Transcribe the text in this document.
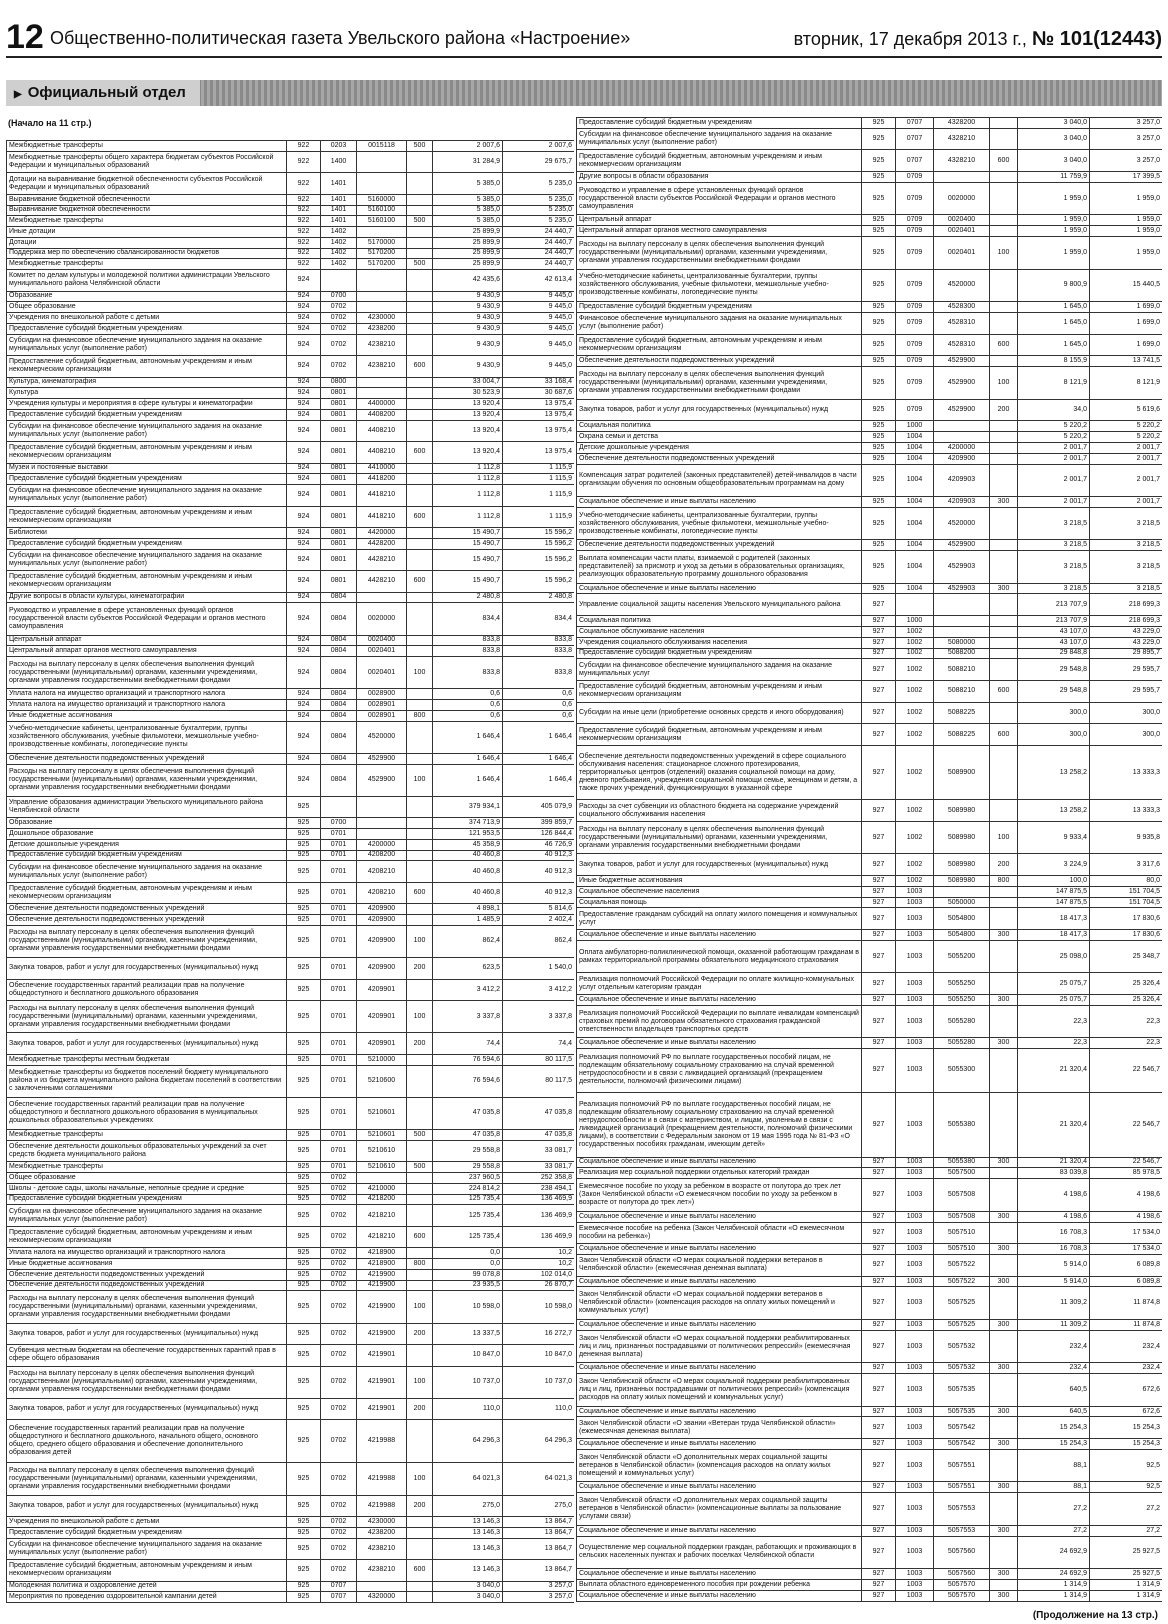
12 Общественно-политическая газета Увельского района «Настроение»	вторник, 17 декабря 2013 г., № 101(12443)
▶ Официальный отдел
(Начало на 11 стр.)
Межбюджетные трансферты	922	0203	0015118	500	2 007,6	2 007,6
Межбюджетные трансферты общего характера бюджетам субъектов Российской Федерации и муниципальных образований	922	1400			31 284,9	29 675,7
Дотации на выравнивание бюджетной обеспеченности субъектов Российской Федерации и муниципальных образований	922	1401			5 385,0	5 235,0
Выравнивание бюджетной обеспеченности	922	1401	5160000		5 385,0	5 235,0
Выравнивание бюджетной обеспеченности	922	1401	5160100		5 385,0	5 235,0
Межбюджетные трансферты	922	1401	5160100	500	5 385,0	5 235,0
Иные дотации	922	1402			25 899,9	24 440,7
Дотации	922	1402	5170000		25 899,9	24 440,7
Поддержка мер по обеспечению сбалансированности бюджетов	922	1402	5170200		25 899,9	24 440,7
Межбюджетные трансферты	922	1402	5170200	500	25 899,9	24 440,7
Комитет по делам культуры и молодежной политики администрации Увельского муниципального района Челябинской области	924				42 435,6	42 613,4
Образование	924	0700			9 430,9	9 445,0
Общее образование	924	0702			9 430,9	9 445,0
Учреждения по внешкольной работе с детьми	924	0702	4230000		9 430,9	9 445,0
Предоставление субсидий бюджетным учреждениям	924	0702	4238200		9 430,9	9 445,0
Субсидии на финансовое обеспечение муниципального задания на оказание муниципальных услуг (выполнение работ)	924	0702	4238210		9 430,9	9 445,0
Предоставление субсидий бюджетным, автономным учреждениям и иным некоммерческим организациям	924	0702	4238210	600	9 430,9	9 445,0
Культура, кинематография	924	0800			33 004,7	33 168,4
Культура	924	0801			30 523,9	30 687,6
Учреждения культуры и мероприятия в сфере культуры и кинематографии	924	0801	4400000		13 920,4	13 975,4
Предоставление субсидий бюджетным учреждениям	924	0801	4408200		13 920,4	13 975,4
Субсидии на финансовое обеспечение муниципального задания на оказание муниципальных услуг (выполнение работ)	924	0801	4408210		13 920,4	13 975,4
Предоставление субсидий бюджетным, автономным учреждениям и иным некоммерческим организациям	924	0801	4408210	600	13 920,4	13 975,4
Музеи и постоянные выставки	924	0801	4410000		1 112,8	1 115,9
Предоставление субсидий бюджетным учреждениям	924	0801	4418200		1 112,8	1 115,9
Субсидии на финансовое обеспечение муниципального задания на оказание муниципальных услуг (выполнение работ)	924	0801	4418210		1 112,8	1 115,9
Предоставление субсидий бюджетным, автономным учреждениям и иным некоммерческим организациям	924	0801	4418210	600	1 112,8	1 115,9
Библиотеки	924	0801	4420000		15 490,7	15 596,2
Предоставление субсидий бюджетным учреждениям	924	0801	4428200		15 490,7	15 596,2
Субсидии на финансовое обеспечение муниципального задания на оказание муниципальных услуг (выполнение работ)	924	0801	4428210		15 490,7	15 596,2
Предоставление субсидий бюджетным, автономным учреждениям и иным некоммерческим организациям	924	0801	4428210	600	15 490,7	15 596,2
Другие вопросы в области культуры, кинематографии	924	0804			2 480,8	2 480,8
Руководство и управление в сфере установленных функций органов государственной власти субъектов Российской Федерации и органов местного самоуправления	924	0804	0020000		834,4	834,4
Центральный аппарат	924	0804	0020400		833,8	833,8
Центральный аппарат органов местного самоуправления	924	0804	0020401		833,8	833,8
Расходы на выплату персоналу в целях обеспечения выполнения функций государственными (муниципальными) органами, казенными учреждениями, органами управления государственными внебюджетными фондами	924	0804	0020401	100	833,8	833,8
Уплата налога на имущество организаций и транспортного налога	924	0804	0028900		0,6	0,6
Уплата налога на имущество организаций и транспортного налога	924	0804	0028901		0,6	0,6
Иные бюджетные ассигнования	924	0804	0028901	800	0,6	0,6
Учебно-методические кабинеты, централизованные бухгалтерии, группы хозяйственного обслуживания, учебные фильмотеки, межшкольные учебно-производственные комбинаты, логопедические пункты	924	0804	4520000		1 646,4	1 646,4
Обеспечение деятельности подведомственных учреждений	924	0804	4529900		1 646,4	1 646,4
Расходы на выплату персоналу в целях обеспечения выполнения функций государственными (муниципальными) органами, казенными учреждениями, органами управления государственными внебюджетными фондами	924	0804	4529900	100	1 646,4	1 646,4
Управление образования администрации Увельского муниципального района Челябинской области	925				379 934,1	405 079,9
Образование	925	0700			374 713,9	399 859,7
Дошкольное образование	925	0701			121 953,5	126 844,4
Детские дошкольные учреждения	925	0701	4200000		45 358,9	46 726,9
Предоставление субсидий бюджетным учреждениям	925	0701	4208200		40 460,8	40 912,3
Субсидии на финансовое обеспечение муниципального задания на оказание муниципальных услуг (выполнение работ)	925	0701	4208210		40 460,8	40 912,3
Предоставление субсидий бюджетным, автономным учреждениям и иным некоммерческим организациям	925	0701	4208210	600	40 460,8	40 912,3
Обеспечение деятельности подведомственных учреждений	925	0701	4209900		4 898,1	5 814,6
Обеспечение деятельности подведомственных учреждений	925	0701	4209900		1 485,9	2 402,4
Расходы на выплату персоналу в целях обеспечения выполнения функций государственными (муниципальными) органами, казенными учреждениями, органами управления государственными внебюджетными фондами	925	0701	4209900	100	862,4	862,4
Закупка товаров, работ и услуг для государственных (муниципальных) нужд	925	0701	4209900	200	623,5	1 540,0
Обеспечение государственных гарантий реализации прав на получение общедоступного и бесплатного дошкольного образования	925	0701	4209901		3 412,2	3 412,2
Расходы на выплату персоналу в целях обеспечения выполнения функций государственными (муниципальными) органами, казенными учреждениями, органами управления государственными внебюджетными фондами	925	0701	4209901	100	3 337,8	3 337,8
Закупка товаров, работ и услуг для государственных (муниципальных) нужд	925	0701	4209901	200	74,4	74,4
Межбюджетные трансферты местным бюджетам	925	0701	5210000		76 594,6	80 117,5
Межбюджетные трансферты из бюджетов поселений бюджету муниципального района и из бюджета муниципального района бюджетам поселений в соответствии с заключенными соглашениями	925	0701	5210600		76 594,6	80 117,5
Обеспечение государственных гарантий реализации прав на получение общедоступного и бесплатного дошкольного образования в муниципальных дошкольных образовательных учреждениях	925	0701	5210601		47 035,8	47 035,8
Межбюджетные трансферты	925	0701	5210601	500	47 035,8	47 035,8
Обеспечение деятельности дошкольных образовательных учреждений за счет средств бюджета муниципального района	925	0701	5210610		29 558,8	33 081,7
Межбюджетные трансферты	925	0701	5210610	500	29 558,8	33 081,7
Общее образование	925	0702			237 960,5	252 358,8
Школы - детские сады, школы начальные, неполные средние и средние	925	0702	4210000		224 814,2	238 494,1
Предоставление субсидий бюджетным учреждениям	925	0702	4218200		125 735,4	136 469,9
Субсидии на финансовое обеспечение муниципального задания на оказание муниципальных услуг (выполнение работ)	925	0702	4218210		125 735,4	136 469,9
Предоставление субсидий бюджетным, автономным учреждениям и иным некоммерческим организациям	925	0702	4218210	600	125 735,4	136 469,9
Уплата налога на имущество организаций и транспортного налога	925	0702	4218900		0,0	10,2
Иные бюджетные ассигнования	925	0702	4218900	800	0,0	10,2
Обеспечение деятельности подведомственных учреждений	925	0702	4219900		99 078,8	102 014,0
Обеспечение деятельности подведомственных учреждений	925	0702	4219900		23 935,5	26 870,7
Расходы на выплату персоналу в целях обеспечения выполнения функций государственными (муниципальными) органами, казенными учреждениями, органами управления государственными внебюджетными фондами	925	0702	4219900	100	10 598,0	10 598,0
Закупка товаров, работ и услуг для государственных (муниципальных) нужд	925	0702	4219900	200	13 337,5	16 272,7
Субвенция местным бюджетам на обеспечение государственных гарантий прав в сфере общего образования	925	0702	4219901		10 847,0	10 847,0
Расходы на выплату персоналу в целях обеспечения выполнения функций государственными (муниципальными) органами, казенными учреждениями, органами управления государственными внебюджетными фондами	925	0702	4219901	100	10 737,0	10 737,0
Закупка товаров, работ и услуг для государственных (муниципальных) нужд	925	0702	4219901	200	110,0	110,0
Обеспечение государственных гарантий реализации прав на получение общедоступного и бесплатного дошкольного, начального общего, основного общего, среднего общего образования и обеспечение дополнительного образования детей	925	0702	4219988		64 296,3	64 296,3
Расходы на выплату персоналу в целях обеспечения выполнения функций государственными (муниципальными) органами, казенными учреждениями, органами управления государственными внебюджетными фондами	925	0702	4219988	100	64 021,3	64 021,3
Закупка товаров, работ и услуг для государственных (муниципальных) нужд	925	0702	4219988	200	275,0	275,0
Учреждения по внешкольной работе с детьми	925	0702	4230000		13 146,3	13 864,7
Предоставление субсидий бюджетным учреждениям	925	0702	4238200		13 146,3	13 864,7
Субсидии на финансовое обеспечение муниципального задания на оказание муниципальных услуг (выполнение работ)	925	0702	4238210		13 146,3	13 864,7
Предоставление субсидий бюджетным, автономным учреждениям и иным некоммерческим организациям	925	0702	4238210	600	13 146,3	13 864,7
Молодежная политика и оздоровление детей	925	0707			3 040,0	3 257,0
Мероприятия по проведению оздоровительной кампании детей	925	0707	4320000		3 040,0	3 257,0
Предоставление субсидий бюджетным учреждениям	925	0707	4328200		3 040,0	3 257,0
Субсидии на финансовое обеспечение муниципального задания на оказание муниципальных услуг (выполнение работ)	925	0707	4328210		3 040,0	3 257,0
Предоставление субсидий бюджетным, автономным учреждениям и иным некоммерческим организациям	925	0707	4328210	600	3 040,0	3 257,0
Другие вопросы в области образования	925	0709			11 759,9	17 399,5
Руководство и управление в сфере установленных функций органов государственной власти субъектов Российской Федерации и органов местного самоуправления	925	0709	0020000		1 959,0	1 959,0
Центральный аппарат	925	0709	0020400		1 959,0	1 959,0
Центральный аппарат органов местного самоуправления	925	0709	0020401		1 959,0	1 959,0
Расходы на выплату персоналу в целях обеспечения выполнения функций государственными (муниципальными) органами, казенными учреждениями, органами управления государственными внебюджетными фондами	925	0709	0020401	100	1 959,0	1 959,0
Учебно-методические кабинеты, централизованные бухгалтерии, группы хозяйственного обслуживания, учебные фильмотеки, межшкольные учебно-производственные комбинаты, логопедические пункты	925	0709	4520000		9 800,9	15 440,5
Предоставление субсидий бюджетным учреждениям	925	0709	4528300		1 645,0	1 699,0
Финансовое обеспечение муниципального задания на оказание муниципальных услуг (выполнение работ)	925	0709	4528310		1 645,0	1 699,0
Предоставление субсидий бюджетным, автономным учреждениям и иным некоммерческим организациям	925	0709	4528310	600	1 645,0	1 699,0
Обеспечение деятельности подведомственных учреждений	925	0709	4529900		8 155,9	13 741,5
Расходы на выплату персоналу в целях обеспечения выполнения функций государственными (муниципальными) органами, казенными учреждениями, органами управления государственными внебюджетными фондами	925	0709	4529900	100	8 121,9	8 121,9
Закупка товаров, работ и услуг для государственных (муниципальных) нужд	925	0709	4529900	200	34,0	5 619,6
Социальная политика	925	1000			5 220,2	5 220,2
Охрана семьи и детства	925	1004			5 220,2	5 220,2
Детские дошкольные учреждения	925	1004	4200000		2 001,7	2 001,7
Обеспечение деятельности подведомственных учреждений	925	1004	4209900		2 001,7	2 001,7
Компенсация затрат родителей (законных представителей) детей-инвалидов в части организации обучения по основным общеобразовательным программам на дому	925	1004	4209903		2 001,7	2 001,7
Социальное обеспечение и иные выплаты населению	925	1004	4209903	300	2 001,7	2 001,7
Учебно-методические кабинеты, централизованные бухгалтерии, группы хозяйственного обслуживания, учебные фильмотеки, межшкольные учебно-производственные комбинаты, логопедические пункты	925	1004	4520000		3 218,5	3 218,5
Обеспечение деятельности подведомственных учреждений	925	1004	4529900		3 218,5	3 218,5
Выплата компенсации части платы, взимаемой с родителей (законных представителей) за присмотр и уход за детьми в образовательных организациях, реализующих образовательную программу дошкольного образования	925	1004	4529903		3 218,5	3 218,5
Социальное обеспечение и иные выплаты населению	925	1004	4529903	300	3 218,5	3 218,5
Управление социальной защиты населения Увельского муниципального района	927				213 707,9	218 699,3
Социальная политика	927	1000			213 707,9	218 699,3
Социальное обслуживание населения	927	1002			43 107,0	43 229,0
Учреждения социального обслуживания населения	927	1002	5080000		43 107,0	43 229,0
Предоставление субсидий бюджетным учреждениям	927	1002	5088200		29 848,8	29 895,7
Субсидии на финансовое обеспечение муниципального задания на оказание муниципальных услуг	927	1002	5088210		29 548,8	29 595,7
Предоставление субсидий бюджетным, автономным учреждениям и иным некоммерческим организациям	927	1002	5088210	600	29 548,8	29 595,7
Субсидии на иные цели (приобретение основных средств и иного оборудования)	927	1002	5088225		300,0	300,0
Предоставление субсидий бюджетным, автономным учреждениям и иным некоммерческим организациям	927	1002	5088225	600	300,0	300,0
Обеспечение деятельности подведомственных учреждений в сфере социального обслуживания населения: стационарное сложного протезирования, территориальных центров (отделений) оказания социальной помощи на дому, дневного пребывания, учреждения социальной помощи семье, женщинам и детям, а также прочих учреждений, функционирующих в указанной сфере	927	1002	5089900		13 258,2	13 333,3
Расходы за счет субвенции из областного бюджета на содержание учреждений социального обслуживания населения	927	1002	5089980		13 258,2	13 333,3
Расходы на выплату персоналу в целях обеспечения выполнения функций государственными (муниципальными) органами, казенными учреждениями, органами управления государственными внебюджетными фондами	927	1002	5089980	100	9 933,4	9 935,8
Закупка товаров, работ и услуг для государственных (муниципальных) нужд	927	1002	5089980	200	3 224,9	3 317,6
Иные бюджетные ассигнования	927	1002	5089980	800	100,0	80,0
Социальное обеспечение населения	927	1003			147 875,5	151 704,5
Социальная помощь	927	1003	5050000		147 875,5	151 704,5
Предоставление гражданам субсидий на оплату жилого помещения и коммунальных услуг	927	1003	5054800		18 417,3	17 830,6
Социальное обеспечение и иные выплаты населению	927	1003	5054800	300	18 417,3	17 830,6
Оплата амбулаторно-поликлинической помощи, оказанной работающим гражданам в рамках территориальной программы обязательного медицинского страхования	927	1003	5055200		25 098,0	25 348,7
Реализация полномочий Российской Федерации по оплате жилищно-коммунальных услуг отдельным категориям граждан	927	1003	5055250		25 075,7	25 326,4
Социальное обеспечение и иные выплаты населению	927	1003	5055250	300	25 075,7	25 326,4
Реализация полномочий Российской Федерации по выплате инвалидам компенсаций страховых премий по договорам обязательного страхования гражданской ответственности владельцев транспортных средств	927	1003	5055280		22,3	22,3
Социальное обеспечение и иные выплаты населению	927	1003	5055280	300	22,3	22,3
Реализация полномочий РФ по выплате государственных пособий лицам, не подлежащим обязательному социальному страхованию на случай временной нетрудоспособности и в связи с ликвидацией организаций (прекращением деятельности, полномочий физическими лицами)	927	1003	5055300		21 320,4	22 546,7
Реализация полномочий РФ по выплате государственных пособий лицам, не подлежащим обязательному социальному страхованию на случай временной нетрудоспособности и в связи с материнством, и лицам, уволенным в связи с ликвидацией организаций (прекращением деятельности, полномочий физическими лицами), в соответствии с Федеральным законом от 19 мая 1995 года № 81-ФЗ «О государственных пособиях гражданам, имеющим детей»	927	1003	5055380		21 320,4	22 546,7
Социальное обеспечение и иные выплаты населению	927	1003	5055380	300	21 320,4	22 546,7
Реализация мер социальной поддержки отдельных категорий граждан	927	1003	5057500		83 039,8	85 978,5
Ежемесячное пособие по уходу за ребенком в возрасте от полутора до трех лет (Закон Челябинской области «О ежемесячном пособии по уходу за ребенком в возрасте от полутора до трех лет»)	927	1003	5057508		4 198,6	4 198,6
Социальное обеспечение и иные выплаты населению	927	1003	5057508	300	4 198,6	4 198,6
Ежемесячное пособие на ребенка (Закон Челябинской области «О ежемесячном пособии на ребенка»)	927	1003	5057510		16 708,3	17 534,0
Социальное обеспечение и иные выплаты населению	927	1003	5057510	300	16 708,3	17 534,0
Закон Челябинской области «О мерах социальной поддержки ветеранов в Челябинской области» (ежемесячная денежная выплата)	927	1003	5057522		5 914,0	6 089,8
Социальное обеспечение и иные выплаты населению	927	1003	5057522	300	5 914,0	6 089,8
Закон Челябинской области «О мерах социальной поддержки ветеранов в Челябинской области» (компенсация расходов на оплату жилых помещений и коммунальных услуг)	927	1003	5057525		11 309,2	11 874,8
Социальное обеспечение и иные выплаты населению	927	1003	5057525	300	11 309,2	11 874,8
Закон Челябинской области «О мерах социальной поддержки реабилитированных лиц и лиц, признанных пострадавшими от политических репрессий» (ежемесячная денежная выплата)	927	1003	5057532		232,4	232,4
Социальное обеспечение и иные выплаты населению	927	1003	5057532	300	232,4	232,4
Закон Челябинской области «О мерах социальной поддержки реабилитированных лиц и лиц, признанных пострадавшими от политических репрессий» (компенсация расходов на оплату жилых помещений и коммунальных услуг)	927	1003	5057535		640,5	672,6
Социальное обеспечение и иные выплаты населению	927	1003	5057535	300	640,5	672,6
Закон Челябинской области «О звании «Ветеран труда Челябинской области» (ежемесячная денежная выплата)	927	1003	5057542		15 254,3	15 254,3
Социальное обеспечение и иные выплаты населению	927	1003	5057542	300	15 254,3	15 254,3
Закон Челябинской области «О дополнительных мерах социальной защиты ветеранов в Челябинской области» (компенсация расходов на оплату жилых помещений и коммунальных услуг)	927	1003	5057551		88,1	92,5
Социальное обеспечение и иные выплаты населению	927	1003	5057551	300	88,1	92,5
Закон Челябинской области «О дополнительных мерах социальной защиты ветеранов в Челябинской области» (компенсационные выплаты за пользование услугами связи)	927	1003	5057553		27,2	27,2
Социальное обеспечение и иные выплаты населению	927	1003	5057553	300	27,2	27,2
Осуществление мер социальной поддержки граждан, работающих и проживающих в сельских населенных пунктах и рабочих поселках Челябинской области	927	1003	5057560		24 692,9	25 927,5
Социальное обеспечение и иные выплаты населению	927	1003	5057560	300	24 692,9	25 927,5
Выплата областного единовременного пособия при рождении ребенка	927	1003	5057570		1 314,9	1 314,9
Социальное обеспечение и иные выплаты населению	927	1003	5057570	300	1 314,9	1 314,9
(Продолжение на 13 стр.)
